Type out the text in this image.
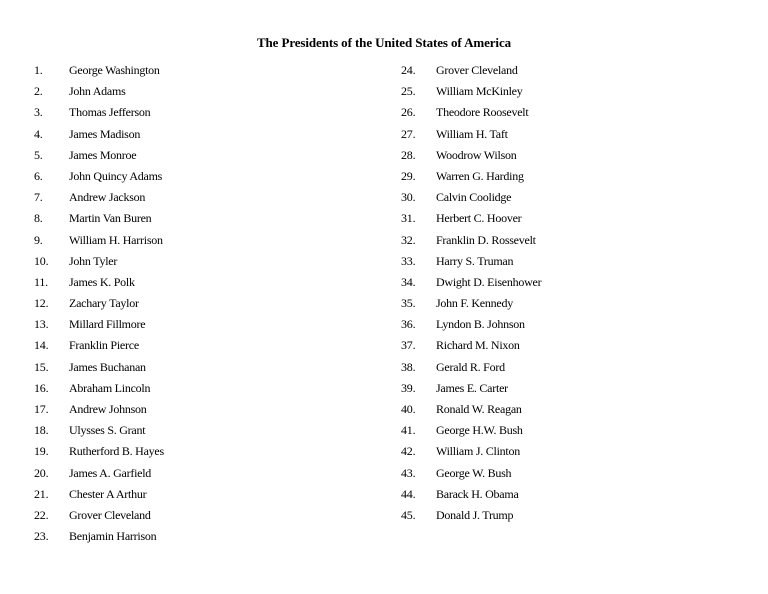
The Presidents of the United States of America
1. George Washington
2. John Adams
3. Thomas Jefferson
4. James Madison
5. James Monroe
6. John Quincy Adams
7. Andrew Jackson
8. Martin Van Buren
9. William H. Harrison
10. John Tyler
11. James K. Polk
12. Zachary Taylor
13. Millard Fillmore
14. Franklin Pierce
15. James Buchanan
16. Abraham Lincoln
17. Andrew Johnson
18. Ulysses S. Grant
19. Rutherford B. Hayes
20. James A. Garfield
21. Chester A Arthur
22. Grover Cleveland
23. Benjamin Harrison
24. Grover Cleveland
25. William McKinley
26. Theodore Roosevelt
27. William H. Taft
28. Woodrow Wilson
29. Warren G. Harding
30. Calvin Coolidge
31. Herbert C. Hoover
32. Franklin D. Rossevelt
33. Harry S. Truman
34. Dwight D. Eisenhower
35. John F. Kennedy
36. Lyndon B. Johnson
37. Richard M. Nixon
38. Gerald R. Ford
39. James E. Carter
40. Ronald W. Reagan
41. George H.W. Bush
42. William J. Clinton
43. George W. Bush
44. Barack H. Obama
45. Donald J. Trump
